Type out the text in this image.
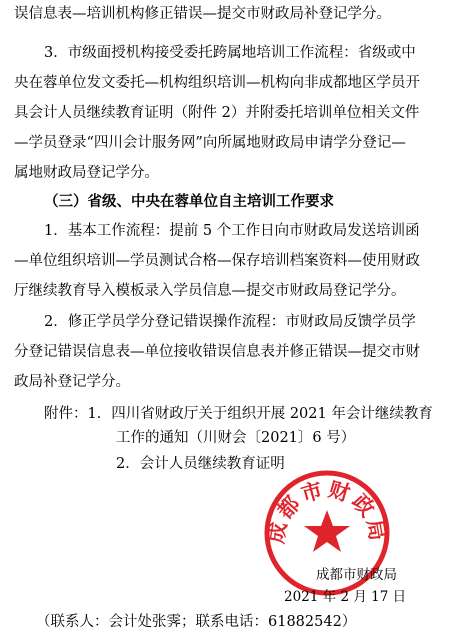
误信息表—培训机构修正错误—提交市财政局补登记学分。
3．市级面授机构接受委托跨属地培训工作流程：省级或中
央在蓉单位发文委托—机构组织培训—机构向非成都地区学员开
具会计人员继续教育证明（附件 2）并附委托培训单位相关文件
—学员登录“四川会计服务网”向所属地财政局申请学分登记—
属地财政局登记学分。
（三）省级、中央在蓉单位自主培训工作要求
1．基本工作流程：提前 5 个工作日向市财政局发送培训函
—单位组织培训—学员测试合格—保存培训档案资料—使用财政
厅继续教育导入模板录入学员信息—提交市财政局登记学分。
2．修正学员学分登记错误操作流程：市财政局反馈学员学
分登记错误信息表—单位接收错误信息表并修正错误—提交市财
政局补登记学分。
附件：1．四川省财政厅关于组织开展 2021 年会计继续教育
工作的通知（川财会〔2021〕6 号）
2．会计人员继续教育证明
成都市财政局
成都市财政局
2021 年 2 月 17 日
（联系人：会计处张霁；联系电话：61882542）
